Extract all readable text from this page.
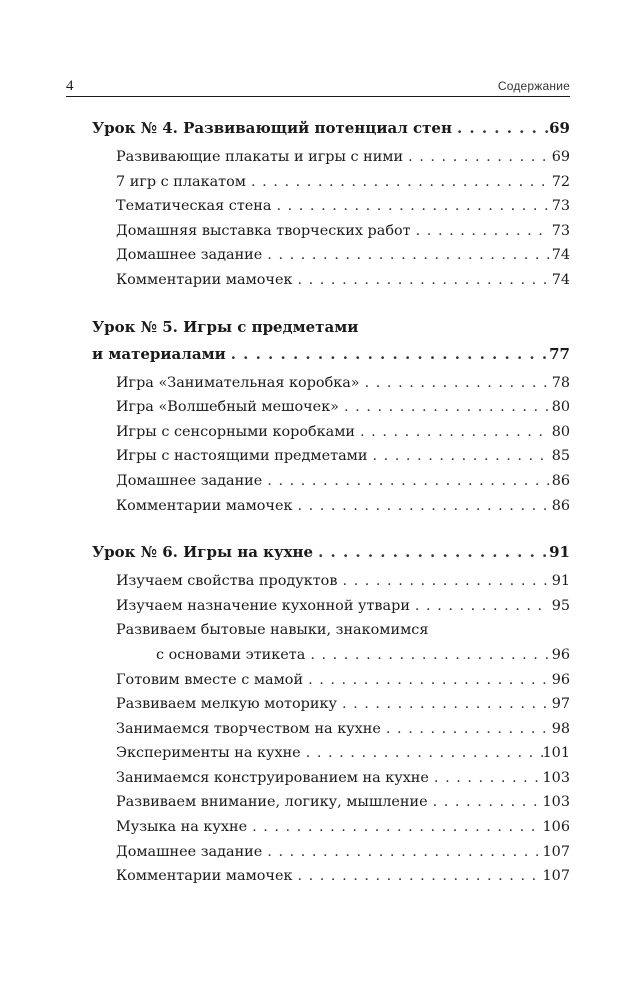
4	Содержание
Урок № 4. Развивающий потенциал стен . . .	69
Развивающие плакаты и игры с ними . . .	69
7 игр с плакатом . . .	72
Тематическая стена . . .	73
Домашняя выставка творческих работ . . .	73
Домашнее задание . . .	74
Комментарии мамочек . . .	74
Урок № 5. Игры с предметами
и материалами . . .	77
Игра «Занимательная коробка» . . .	78
Игра «Волшебный мешочек» . . .	80
Игры с сенсорными коробками . . .	80
Игры с настоящими предметами . . .	85
Домашнее задание . . .	86
Комментарии мамочек . . .	86
Урок № 6. Игры на кухне . . .	91
Изучаем свойства продуктов . . .	91
Изучаем назначение кухонной утвари . . .	95
Развиваем бытовые навыки, знакомимся
с основами этикета . . .	96
Готовим вместе с мамой . . .	96
Развиваем мелкую моторику . . .	97
Занимаемся творчеством на кухне . . .	98
Эксперименты на кухне . . .	101
Занимаемся конструированием на кухне . . .	103
Развиваем внимание, логику, мышление . . .	103
Музыка на кухне . . .	106
Домашнее задание . . .	107
Комментарии мамочек . . .	107
